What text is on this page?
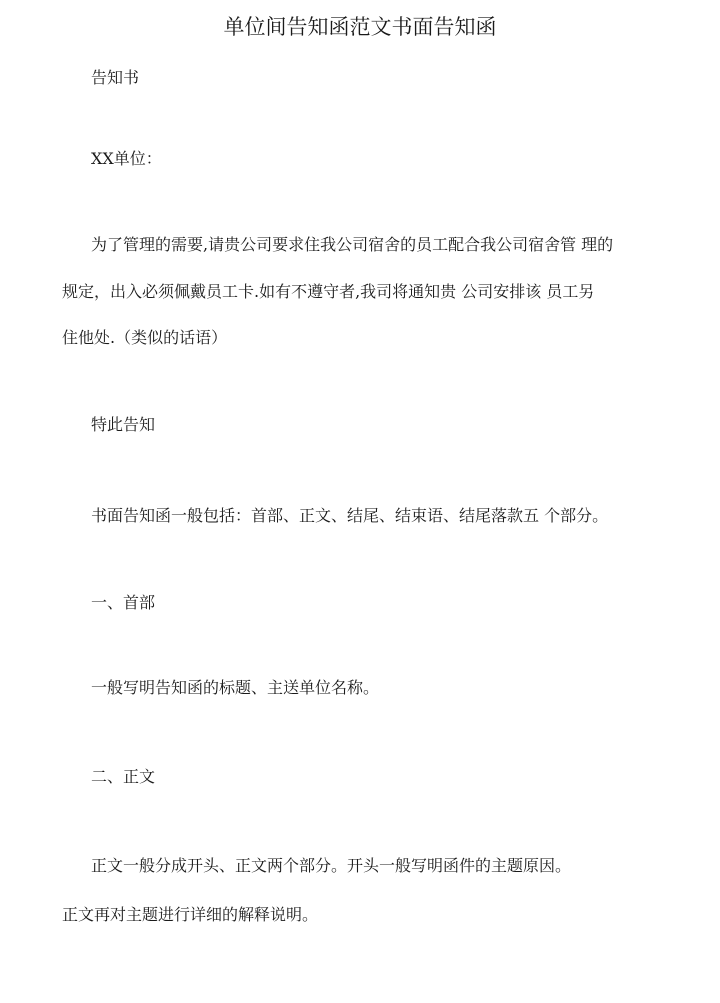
单位间告知函范文书面告知函
告知书
XX单位：
为了管理的需要,请贵公司要求住我公司宿舍的员工配合我公司宿舍管 理的
规定，出入必须佩戴员工卡.如有不遵守者,我司将通知贵 公司安排该 员工另
住他处.（类似的话语）
特此告知
书面告知函一般包括：首部、正文、结尾、结束语、结尾落款五 个部分。
一、首部
一般写明告知函的标题、主送单位名称。
二、正文
正文一般分成开头、正文两个部分。开头一般写明函件的主题原因。
正文再对主题进行详细的解释说明。
